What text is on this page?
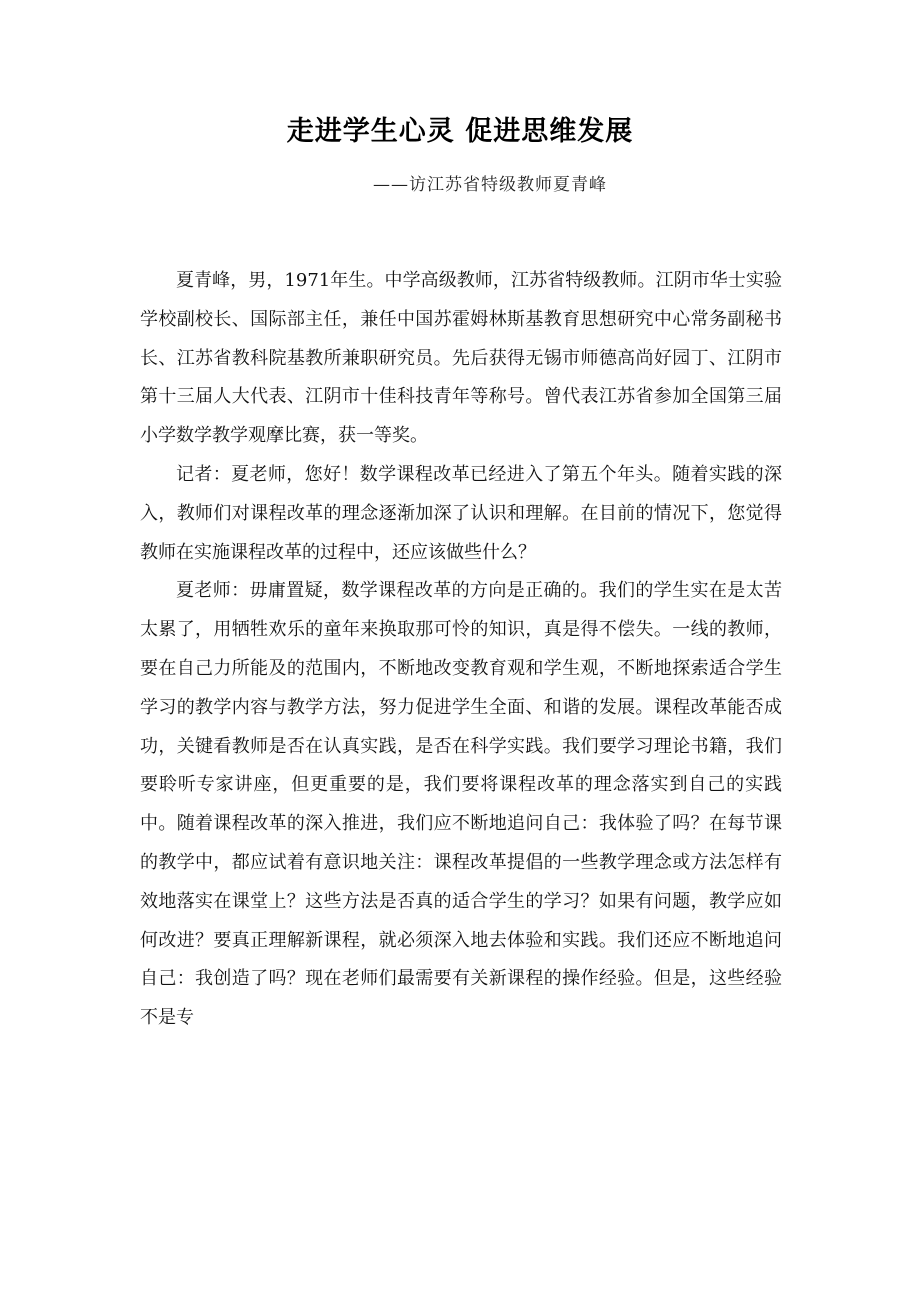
走进学生心灵 促进思维发展
——访江苏省特级教师夏青峰

夏青峰，男，1971年生。中学高级教师，江苏省特级教师。江阴市华士实验学校副校长、国际部主任，兼任中国苏霍姆林斯基教育思想研究中心常务副秘书长、江苏省教科院基教所兼职研究员。先后获得无锡市师德高尚好园丁、江阴市第十三届人大代表、江阴市十佳科技青年等称号。曾代表江苏省参加全国第三届小学数学教学观摩比赛，获一等奖。

记者：夏老师，您好！数学课程改革已经进入了第五个年头。随着实践的深入，教师们对课程改革的理念逐渐加深了认识和理解。在目前的情况下，您觉得教师在实施课程改革的过程中，还应该做些什么？

夏老师：毋庸置疑，数学课程改革的方向是正确的。我们的学生实在是太苦太累了，用牺牲欢乐的童年来换取那可怜的知识，真是得不偿失。一线的教师，要在自己力所能及的范围内，不断地改变教育观和学生观，不断地探索适合学生学习的教学内容与教学方法，努力促进学生全面、和谐的发展。课程改革能否成功，关键看教师是否在认真实践，是否在科学实践。我们要学习理论书籍，我们要聆听专家讲座，但更重要的是，我们要将课程改革的理念落实到自己的实践中。随着课程改革的深入推进，我们应不断地追问自己：我体验了吗？在每节课的教学中，都应试着有意识地关注：课程改革提倡的一些教学理念或方法怎样有效地落实在课堂上？这些方法是否真的适合学生的学习？如果有问题，教学应如何改进？要真正理解新课程，就必须深入地去体验和实践。我们还应不断地追问自己：我创造了吗？现在老师们最需要有关新课程的操作经验。但是，这些经验不是专
